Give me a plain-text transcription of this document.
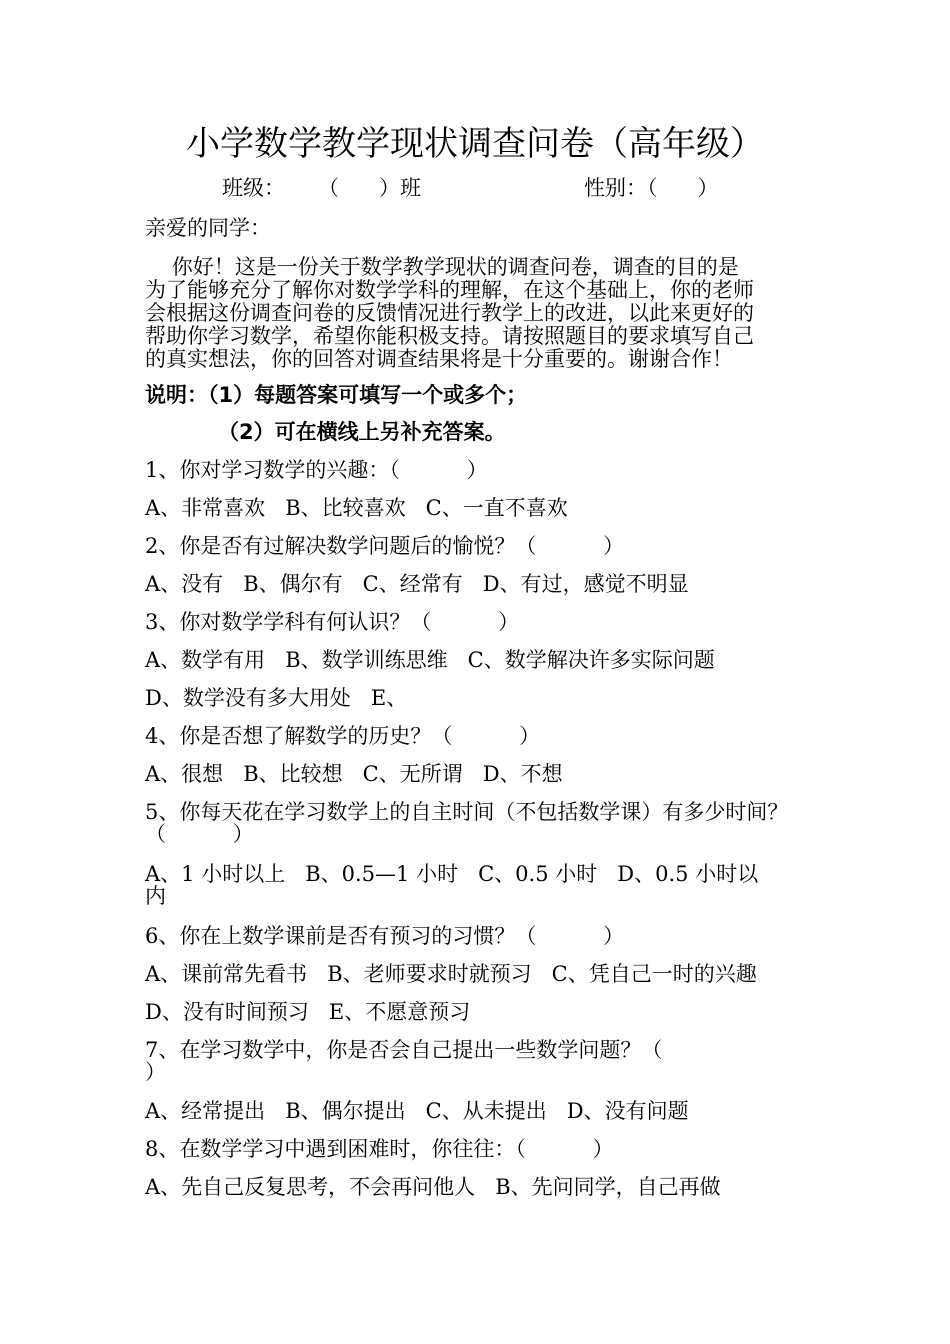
小学数学教学现状调查问卷（高年级）
班级：	（      ）班	性别：（      ）
亲爱的同学：
你好！这是一份关于数学教学现状的调查问卷，调查的目的是
为了能够充分了解你对数学学科的理解，在这个基础上，你的老师
会根据这份调查问卷的反馈情况进行教学上的改进，以此来更好的
帮助你学习数学，希望你能积极支持。请按照题目的要求填写自己
的真实想法，你的回答对调查结果将是十分重要的。谢谢合作！
说明：（1）每题答案可填写一个或多个；
（2）可在横线上另补充答案。
1、你对学习数学的兴趣：（          ）
A、非常喜欢   B、比较喜欢   C、一直不喜欢
2、你是否有过解决数学问题后的愉悦？（          ）
A、没有   B、偶尔有   C、经常有   D、有过，感觉不明显
3、你对数学学科有何认识？（          ）
A、数学有用   B、数学训练思维   C、数学解决许多实际问题
D、数学没有多大用处   E、
4、你是否想了解数学的历史？（          ）
A、很想   B、比较想   C、无所谓   D、不想
5、你每天花在学习数学上的自主时间（不包括数学课）有多少时间？
（          ）
A、1 小时以上   B、0.5—1 小时   C、0.5 小时   D、0.5 小时以
内
6、你在上数学课前是否有预习的习惯？（          ）
A、课前常先看书   B、老师要求时就预习   C、凭自己一时的兴趣
D、没有时间预习   E、不愿意预习
7、在学习数学中，你是否会自己提出一些数学问题？（
）
A、经常提出   B、偶尔提出   C、从未提出   D、没有问题
8、在数学学习中遇到困难时，你往往：（          ）
A、先自己反复思考，不会再问他人   B、先问同学，自己再做
